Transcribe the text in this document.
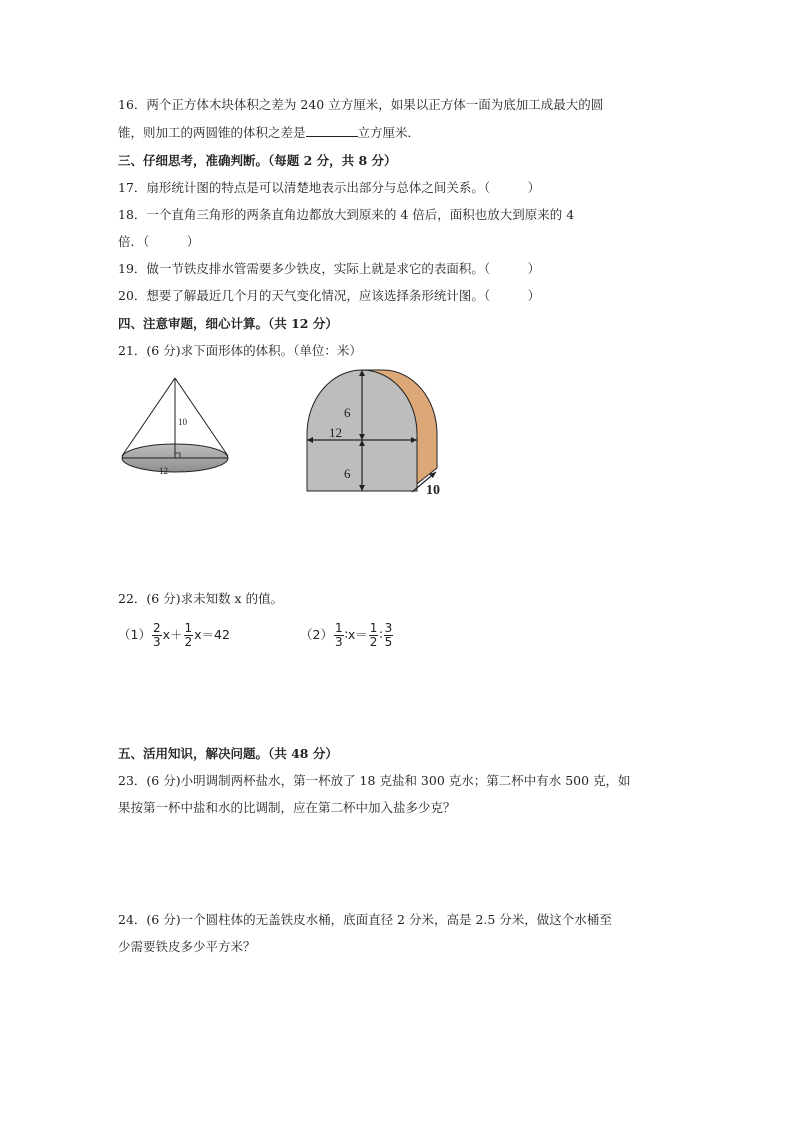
16．两个正方体木块体积之差为 240 立方厘米，如果以正方体一面为底加工成最大的圆
锥，则加工的两圆锥的体积之差是	立方厘米．
三、仔细思考，准确判断。（每题 2 分，共 8 分）
17．扇形统计图的特点是可以清楚地表示出部分与总体之间关系。（　　　）
18．一个直角三角形的两条直角边都放大到原来的 4 倍后，面积也放大到原来的 4
倍．（　　　）
19．做一节铁皮排水管需要多少铁皮，实际上就是求它的表面积。（　　　）
20．想要了解最近几个月的天气变化情况，应该选择条形统计图。（　　　）
四、注意审题，细心计算。（共 12 分）
21．(6 分)求下面形体的体积。（单位：米）
10
12
6
12
6
10
22．(6 分)求未知数 x 的值。
$(1) \frac{2}{3} x+ \frac{1}{2} x=42$	$(2) \frac{1}{3}$ ∶x＝ $\frac{1}{2}$ ∶ $\frac{3}{5}$
五、活用知识，解决问题。（共 48 分）
23．(6 分)小明调制两杯盐水，第一杯放了 18 克盐和 300 克水；第二杯中有水 500 克，如
果按第一杯中盐和水的比调制，应在第二杯中加入盐多少克？
24．(6 分)一个圆柱体的无盖铁皮水桶，底面直径 2 分米，高是 2.5 分米，做这个水桶至
少需要铁皮多少平方米？
